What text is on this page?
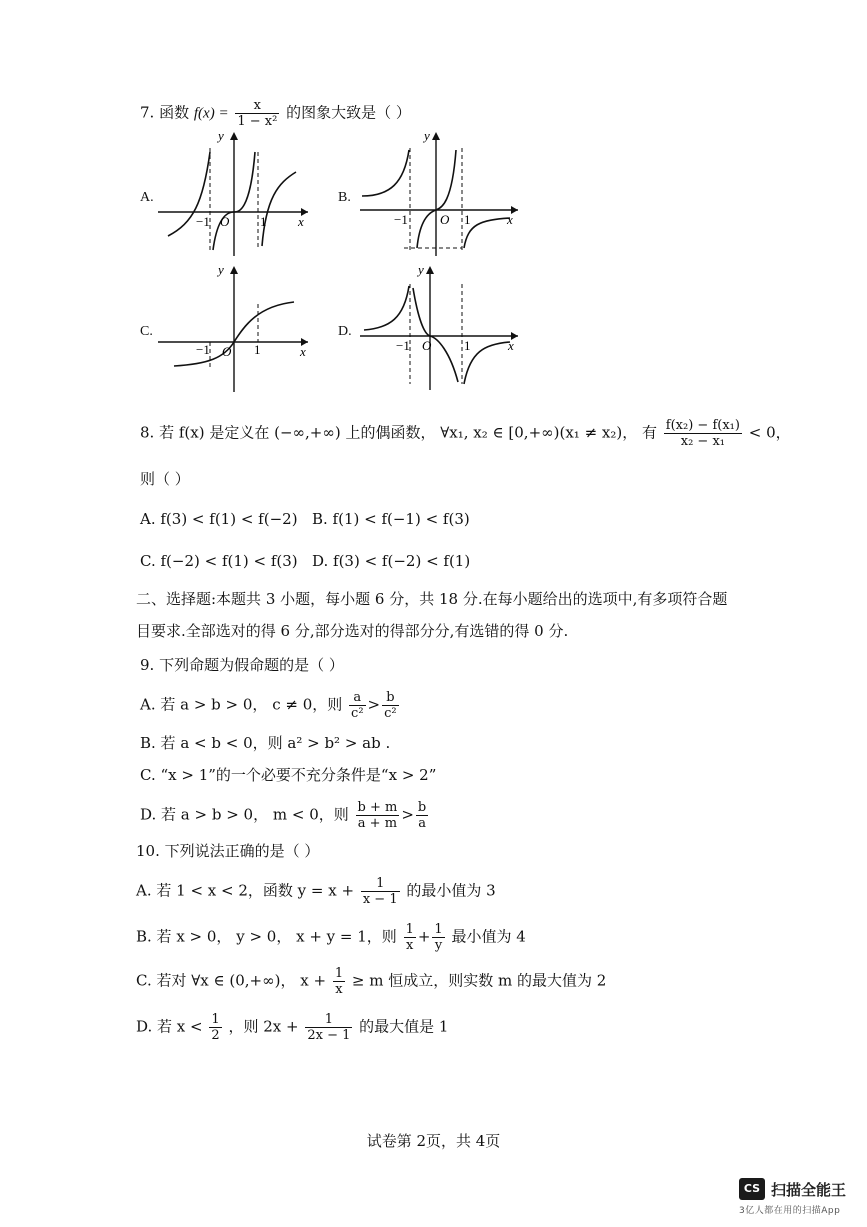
7. 函数 $f(x) = \frac{x}{\text{1 − x²}}$ 的图象大致是（ ）
A.
y
x
O
−1	1
B.
y
x
O
−1	1
C.
y
x
O
−1	1
D.
y
x
O
−1	1
8. 若 f(x) 是定义在 (−∞,+∞) 上的偶函数， ∀x₁, x₂ ∈ [0,+∞)(x₁ ≠ x₂)， 有 $\frac{\text{f(x₂) − f(x₁)}}{\text{x₂ − x₁}} < 0$，
则（ ）
A. f(3) < f(1) < f(−2) B. f(1) < f(−1) < f(3)
C. f(−2) < f(1) < f(3) D. f(3) < f(−2) < f(1)
二、选择题:本题共 3 小题，每小题 6 分，共 18 分.在每小题给出的选项中,有多项符合题
目要求.全部选对的得 6 分,部分选对的得部分分,有选错的得 0 分.
9. 下列命题为假命题的是（ ）
A. 若 a > b > 0， c ≠ 0，则 $\frac{a}{\text{c²}} > \frac{b}{\text{c²}}$
B. 若 a < b < 0，则 a² > b² > ab .
C. “x > 1”的一个必要不充分条件是“x > 2”
D. 若 a > b > 0， m < 0，则 $\frac{b + m}{a + m} > \frac{b}{a}$
10. 下列说法正确的是（ ）
A. 若 1 < x < 2，函数 $y = x + \frac{1}{x - 1}$ 的最小值为 3
B. 若 x > 0， y > 0， x + y = 1，则 $\frac{1}{x} + \frac{1}{y}$ 最小值为 4
C. 若对 ∀x ∈ (0,+∞)， $x + \frac{1}{x} \ge m$ 恒成立，则实数 m 的最大值为 2
D. 若 $x < \frac{1}{2}$ ，则 $2x + \frac{1}{2x - 1}$ 的最大值是 1
试卷第 2页，共 4页
CS 扫描全能王
3亿人都在用的扫描App
